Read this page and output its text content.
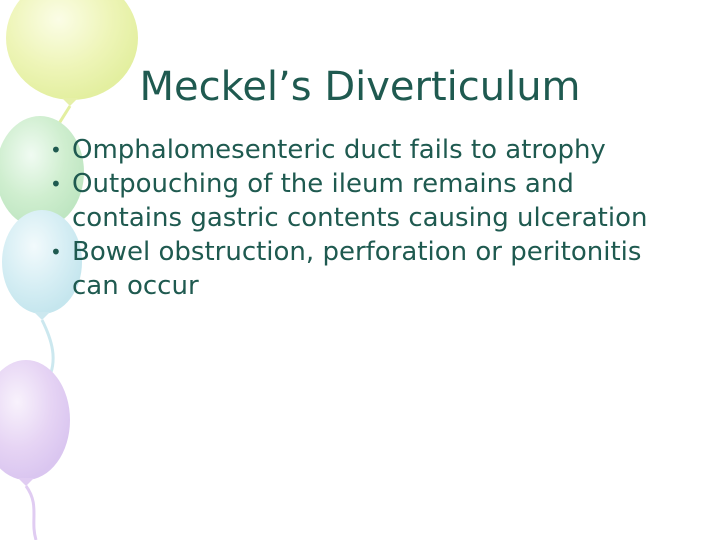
Meckel’s Diverticulum
• Omphalomesenteric duct fails to atrophy
• Outpouching of the ileum remains and contains gastric contents causing ulceration
• Bowel obstruction, perforation or peritonitis can occur
